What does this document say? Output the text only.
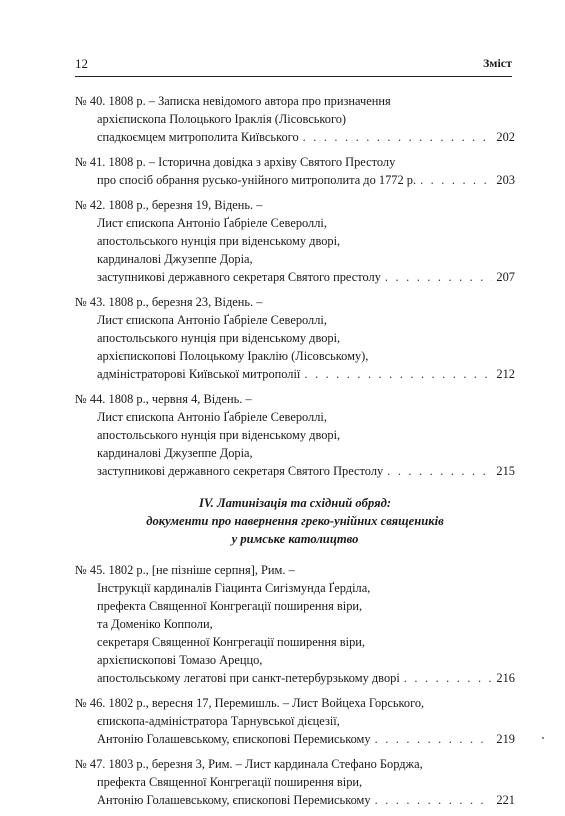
12	Зміст
№ 40. 1808 р. – Записка невідомого автора про призначення
архієпископа Полоцького Іраклія (Лісовського)
спадкоємцем митрополита Київського . . .	202
№ 41. 1808 р. – Історична довідка з архіву Святого Престолу
про спосіб обрання русько-унійного митрополита до 1772 р. . . .	203
№ 42. 1808 р., березня 19, Відень. –
Лист єпископа Антоніо Ґабріеле Североллі,
апостольського нунція при віденському дворі,
кардиналові Джузеппе Доріа,
заступникові державного секретаря Святого престолу . . .	207
№ 43. 1808 р., березня 23, Відень. –
Лист єпископа Антоніо Ґабріеле Североллі,
апостольського нунція при віденському дворі,
архієпископові Полоцькому Іраклію (Лісовському),
адміністраторові Київської митрополії . . .	212
№ 44. 1808 р., червня 4, Відень. –
Лист єпископа Антоніо Ґабріеле Североллі,
апостольського нунція при віденському дворі,
кардиналові Джузеппе Доріа,
заступникові державного секретаря Святого Престолу . . .	215
IV. Латинізація та східний обряд:
документи про навернення греко-унійних священиків
у римське католицтво
№ 45. 1802 р., [не пізніше серпня], Рим. –
Інструкції кардиналів Гіацинта Сигізмунда Ґерділа,
префекта Священної Конгрегації поширення віри,
та Доменіко Копполи,
секретаря Священної Конгрегації поширення віри,
архієпископові Томазо Ареццо,
апостольському легатові при санкт-петербурзькому дворі . . .	216
№ 46. 1802 р., вересня 17, Перемишль. – Лист Войцеха Горського,
єпископа-адміністратора Тарнувської дієцезії,
Антонію Голашевському, єпископові Перемиському . . .	219
№ 47. 1803 р., березня 3, Рим. – Лист кардинала Стефано Борджа,
префекта Священної Конгрегації поширення віри,
Антонію Голашевському, єпископові Перемиському . . .	221
